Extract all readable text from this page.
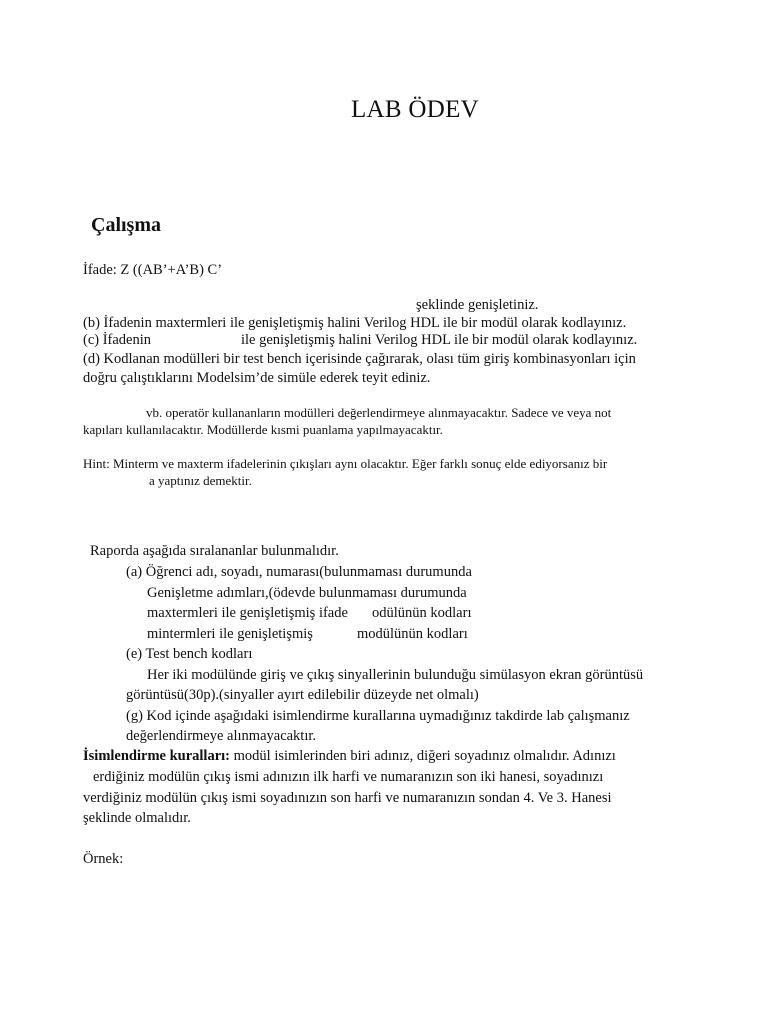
LAB ÖDEV
Çalışma
İfade: Z ((AB’+A’B) C’
şeklinde genişletiniz.
(b) İfadenin maxtermleri ile genişletişmiş halini Verilog HDL ile bir modül olarak kodlayınız.
(c) İfadenin	ile genişletişmiş halini Verilog HDL ile bir modül olarak kodlayınız.
(d) Kodlanan modülleri bir test bench içerisinde çağırarak, olası tüm giriş kombinasyonları için
doğru çalıştıklarını Modelsim’de simüle ederek teyit ediniz.
vb. operatör kullananların modülleri değerlendirmeye alınmayacaktır. Sadece ve veya not
kapıları kullanılacaktır. Modüllerde kısmi puanlama yapılmayacaktır.
Hint: Minterm ve maxterm ifadelerinin çıkışları aynı olacaktır. Eğer farklı sonuç elde ediyorsanız bir
a yaptınız demektir.
Raporda aşağıda sıralananlar bulunmalıdır.
(a) Öğrenci adı, soyadı, numarası(bulunmaması durumunda
Genişletme adımları,(ödevde bulunmaması durumunda
maxtermleri ile genişletişmiş ifade odülünün kodları
mintermleri ile genişletişmiş	modülünün kodları
(e) Test bench kodları
Her iki modülünde giriş ve çıkış sinyallerinin bulunduğu simülasyon ekran görüntüsü
görüntüsü(30p).(sinyaller ayırt edilebilir düzeyde net olmalı)
(g) Kod içinde aşağıdaki isimlendirme kurallarına uymadığınız takdirde lab çalışmanız
değerlendirmeye alınmayacaktır.
İsimlendirme kuralları: modül isimlerinden biri adınız, diğeri soyadınız olmalıdır. Adınızı
erdiğiniz modülün çıkış ismi adınızın ilk harfi ve numaranızın son iki hanesi, soyadınızı
verdiğiniz modülün çıkış ismi soyadınızın son harfi ve numaranızın sondan 4. Ve 3. Hanesi
şeklinde olmalıdır.
Örnek:
